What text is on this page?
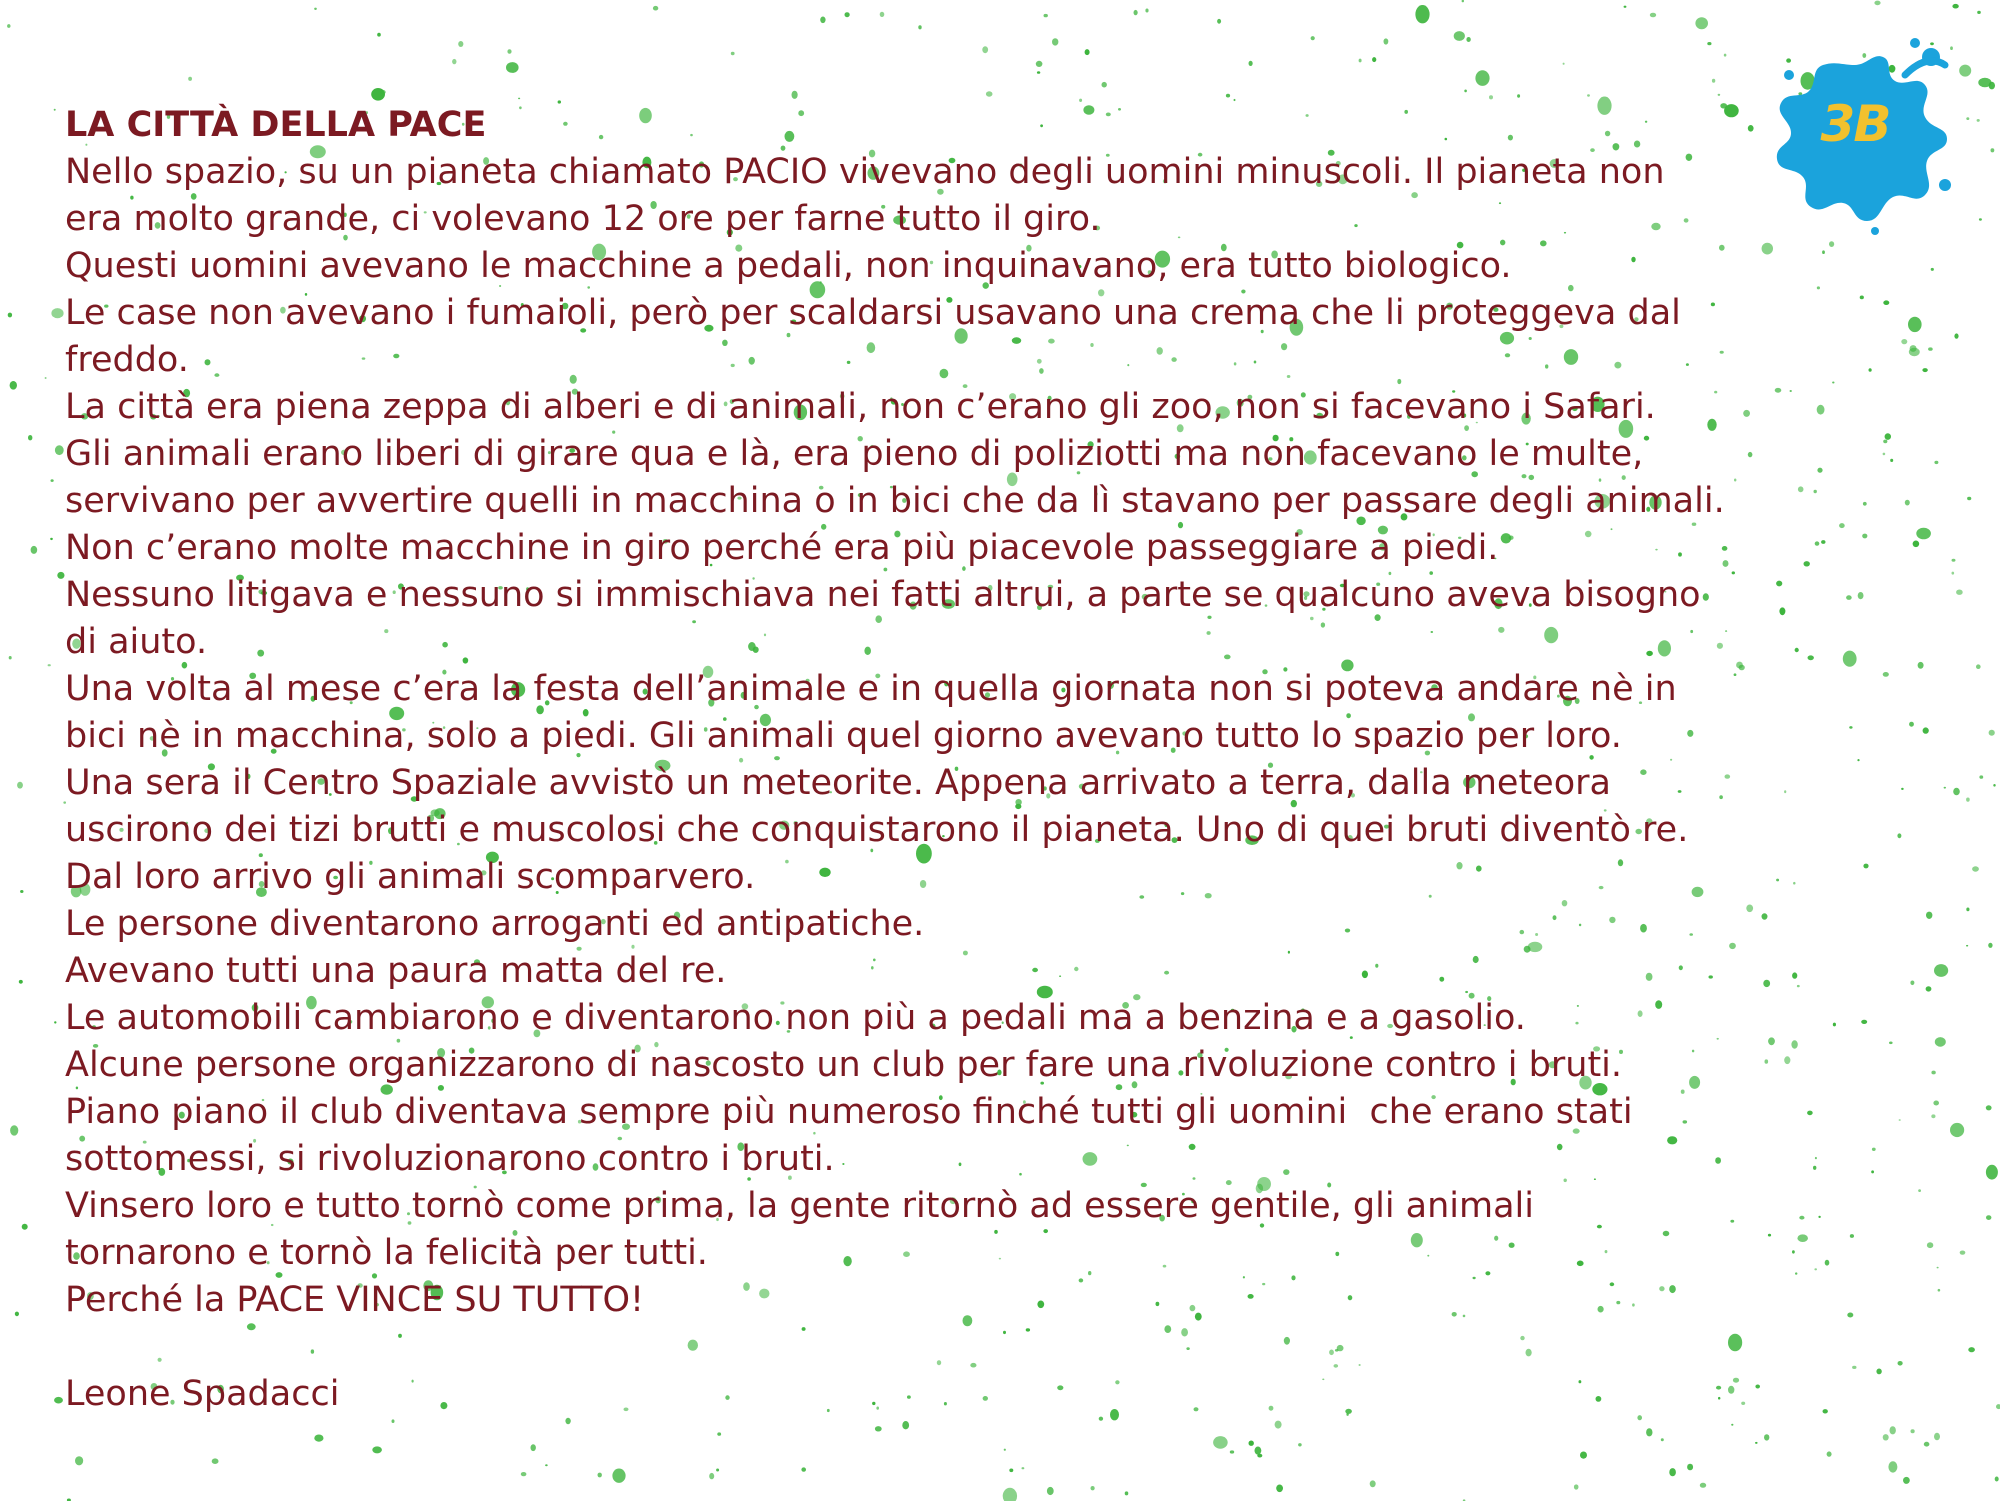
3B
LA CITTÀ DELLA PACE
Nello spazio, su un pianeta chiamato PACIO vivevano degli uomini minuscoli. Il pianeta non
era molto grande, ci volevano 12 ore per farne tutto il giro.
Questi uomini avevano le macchine a pedali, non inquinavano, era tutto biologico.
Le case non avevano i fumaioli, però per scaldarsi usavano una crema che li proteggeva dal
freddo.
La città era piena zeppa di alberi e di animali, non c’erano gli zoo, non si facevano i Safari.
Gli animali erano liberi di girare qua e là, era pieno di poliziotti ma non facevano le multe,
servivano per avvertire quelli in macchina o in bici che da lì stavano per passare degli animali.
Non c’erano molte macchine in giro perché era più piacevole passeggiare a piedi.
Nessuno litigava e nessuno si immischiava nei fatti altrui, a parte se qualcuno aveva bisogno
di aiuto.
Una volta al mese c’era la festa dell’animale e in quella giornata non si poteva andare nè in
bici nè in macchina, solo a piedi. Gli animali quel giorno avevano tutto lo spazio per loro.
Una sera il Centro Spaziale avvistò un meteorite. Appena arrivato a terra, dalla meteora
uscirono dei tizi brutti e muscolosi che conquistarono il pianeta. Uno di quei bruti diventò re.
Dal loro arrivo gli animali scomparvero.
Le persone diventarono arroganti ed antipatiche.
Avevano tutti una paura matta del re.
Le automobili cambiarono e diventarono non più a pedali ma a benzina e a gasolio.
Alcune persone organizzarono di nascosto un club per fare una rivoluzione contro i bruti.
Piano piano il club diventava sempre più numeroso finché tutti gli uomini  che erano stati
sottomessi, si rivoluzionarono contro i bruti.
Vinsero loro e tutto tornò come prima, la gente ritornò ad essere gentile, gli animali
tornarono e tornò la felicità per tutti.
Perché la PACE VINCE SU TUTTO!
Leone Spadacci
